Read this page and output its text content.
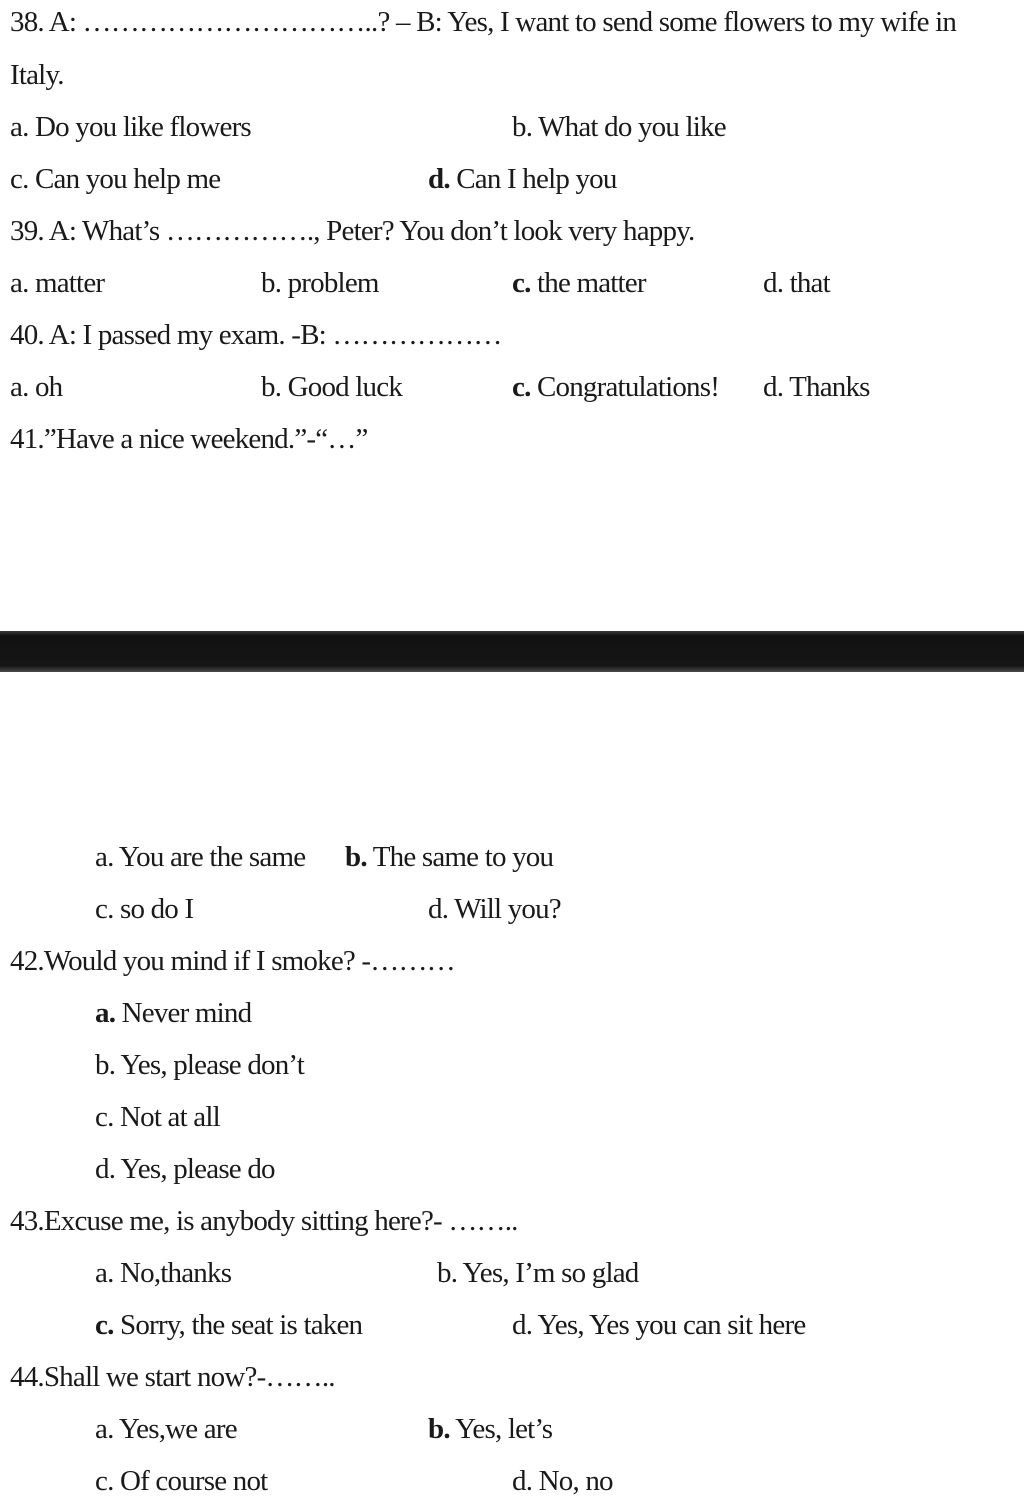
38. A: …………………………..? – B: Yes, I want to send some flowers to my wife in
Italy.
a. Do you like flowers	b. What do you like
c. Can you help me	d. Can I help you
39. A: What’s ……………., Peter? You don’t look very happy.
a. matter	b. problem	c. the matter	d. that
40. A: I passed my exam. -B: ………………
a. oh	b. Good luck	c. Congratulations! d. Thanks
41.”Have a nice weekend.”-“…”
a. You are the same b. The same to you
c. so do I	d. Will you?
42.Would you mind if I smoke? -………
a. Never mind
b. Yes, please don’t
c. Not at all
d. Yes, please do
43.Excuse me, is anybody sitting here?- ……..
a. No,thanks	b. Yes, I’m so glad
c. Sorry, the seat is taken	d. Yes, Yes you can sit here
44.Shall we start now?-……..
a. Yes,we are	b. Yes, let’s
c. Of course not	d. No, no
